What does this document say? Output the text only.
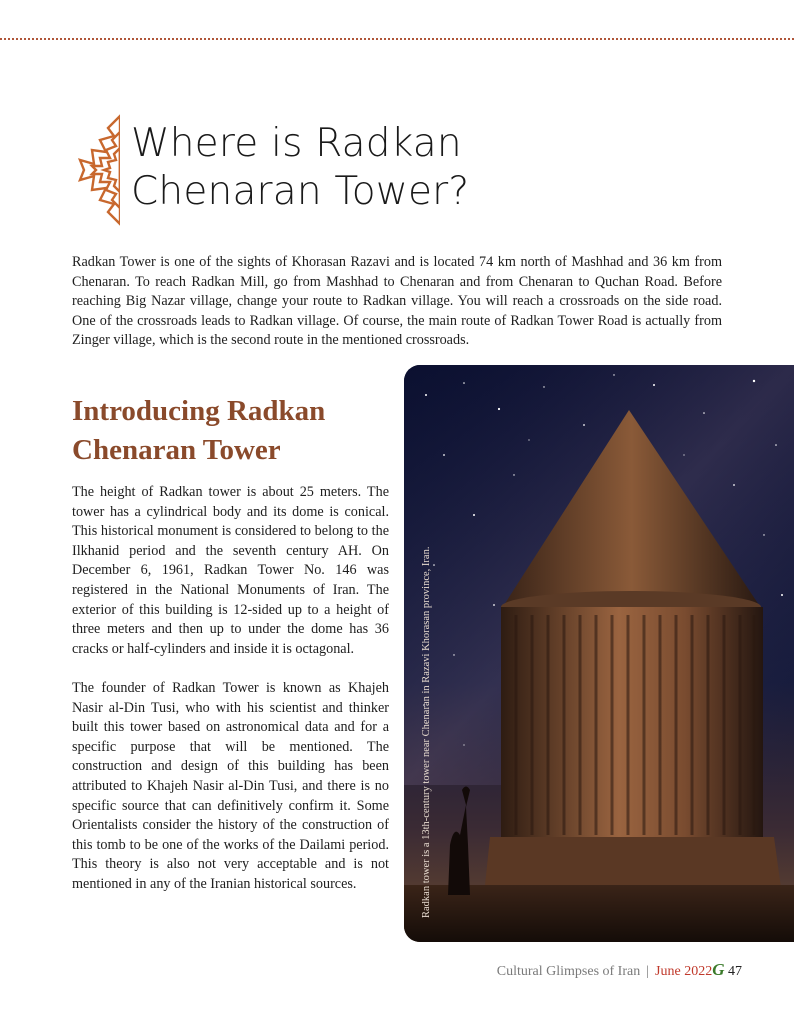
Where is Radkan
Chenaran Tower?

Radkan Tower is one of the sights of Khorasan Razavi and is located 74 km north of Mashhad and 36 km from Chenaran. To reach Radkan Mill, go from Mashhad to Chenaran and from Chenaran to Quchan Road. Before reaching Big Nazar village, change your route to Radkan village. You will reach a crossroads on the side road. One of the crossroads leads to Radkan village. Of course, the main route of Radkan Tower Road is actually from Zinger village, which is the second route in the mentioned crossroads.

Introducing Radkan
Chenaran Tower

The height of Radkan tower is about 25 meters. The tower has a cylindrical body and its dome is conical. This historical monument is considered to belong to the Ilkhanid period and the seventh century AH. On December 6, 1961, Radkan Tower No. 146 was registered in the National Monuments of Iran. The exterior of this building is 12-sided up to a height of three meters and then up to under the dome has 36 cracks or half-cylinders and inside it is octagonal.

The founder of Radkan Tower is known as Khajeh Nasir al-Din Tusi, who with his scientist and thinker built this tower based on astronomical data and for a specific purpose that will be mentioned. The construction and design of this building has been attributed to Khajeh Nasir al-Din Tusi, and there is no specific source that can definitively confirm it. Some Orientalists consider the history of the construction of this tomb to be one of the works of the Dailami period. This theory is also not very acceptable and is not mentioned in any of the Iranian historical sources.	Radkan tower is a 13th-century tower near Chenaran in Razavi Khorasan province, Iran.
Cultural Glimpses of Iran | June 2022G 47
